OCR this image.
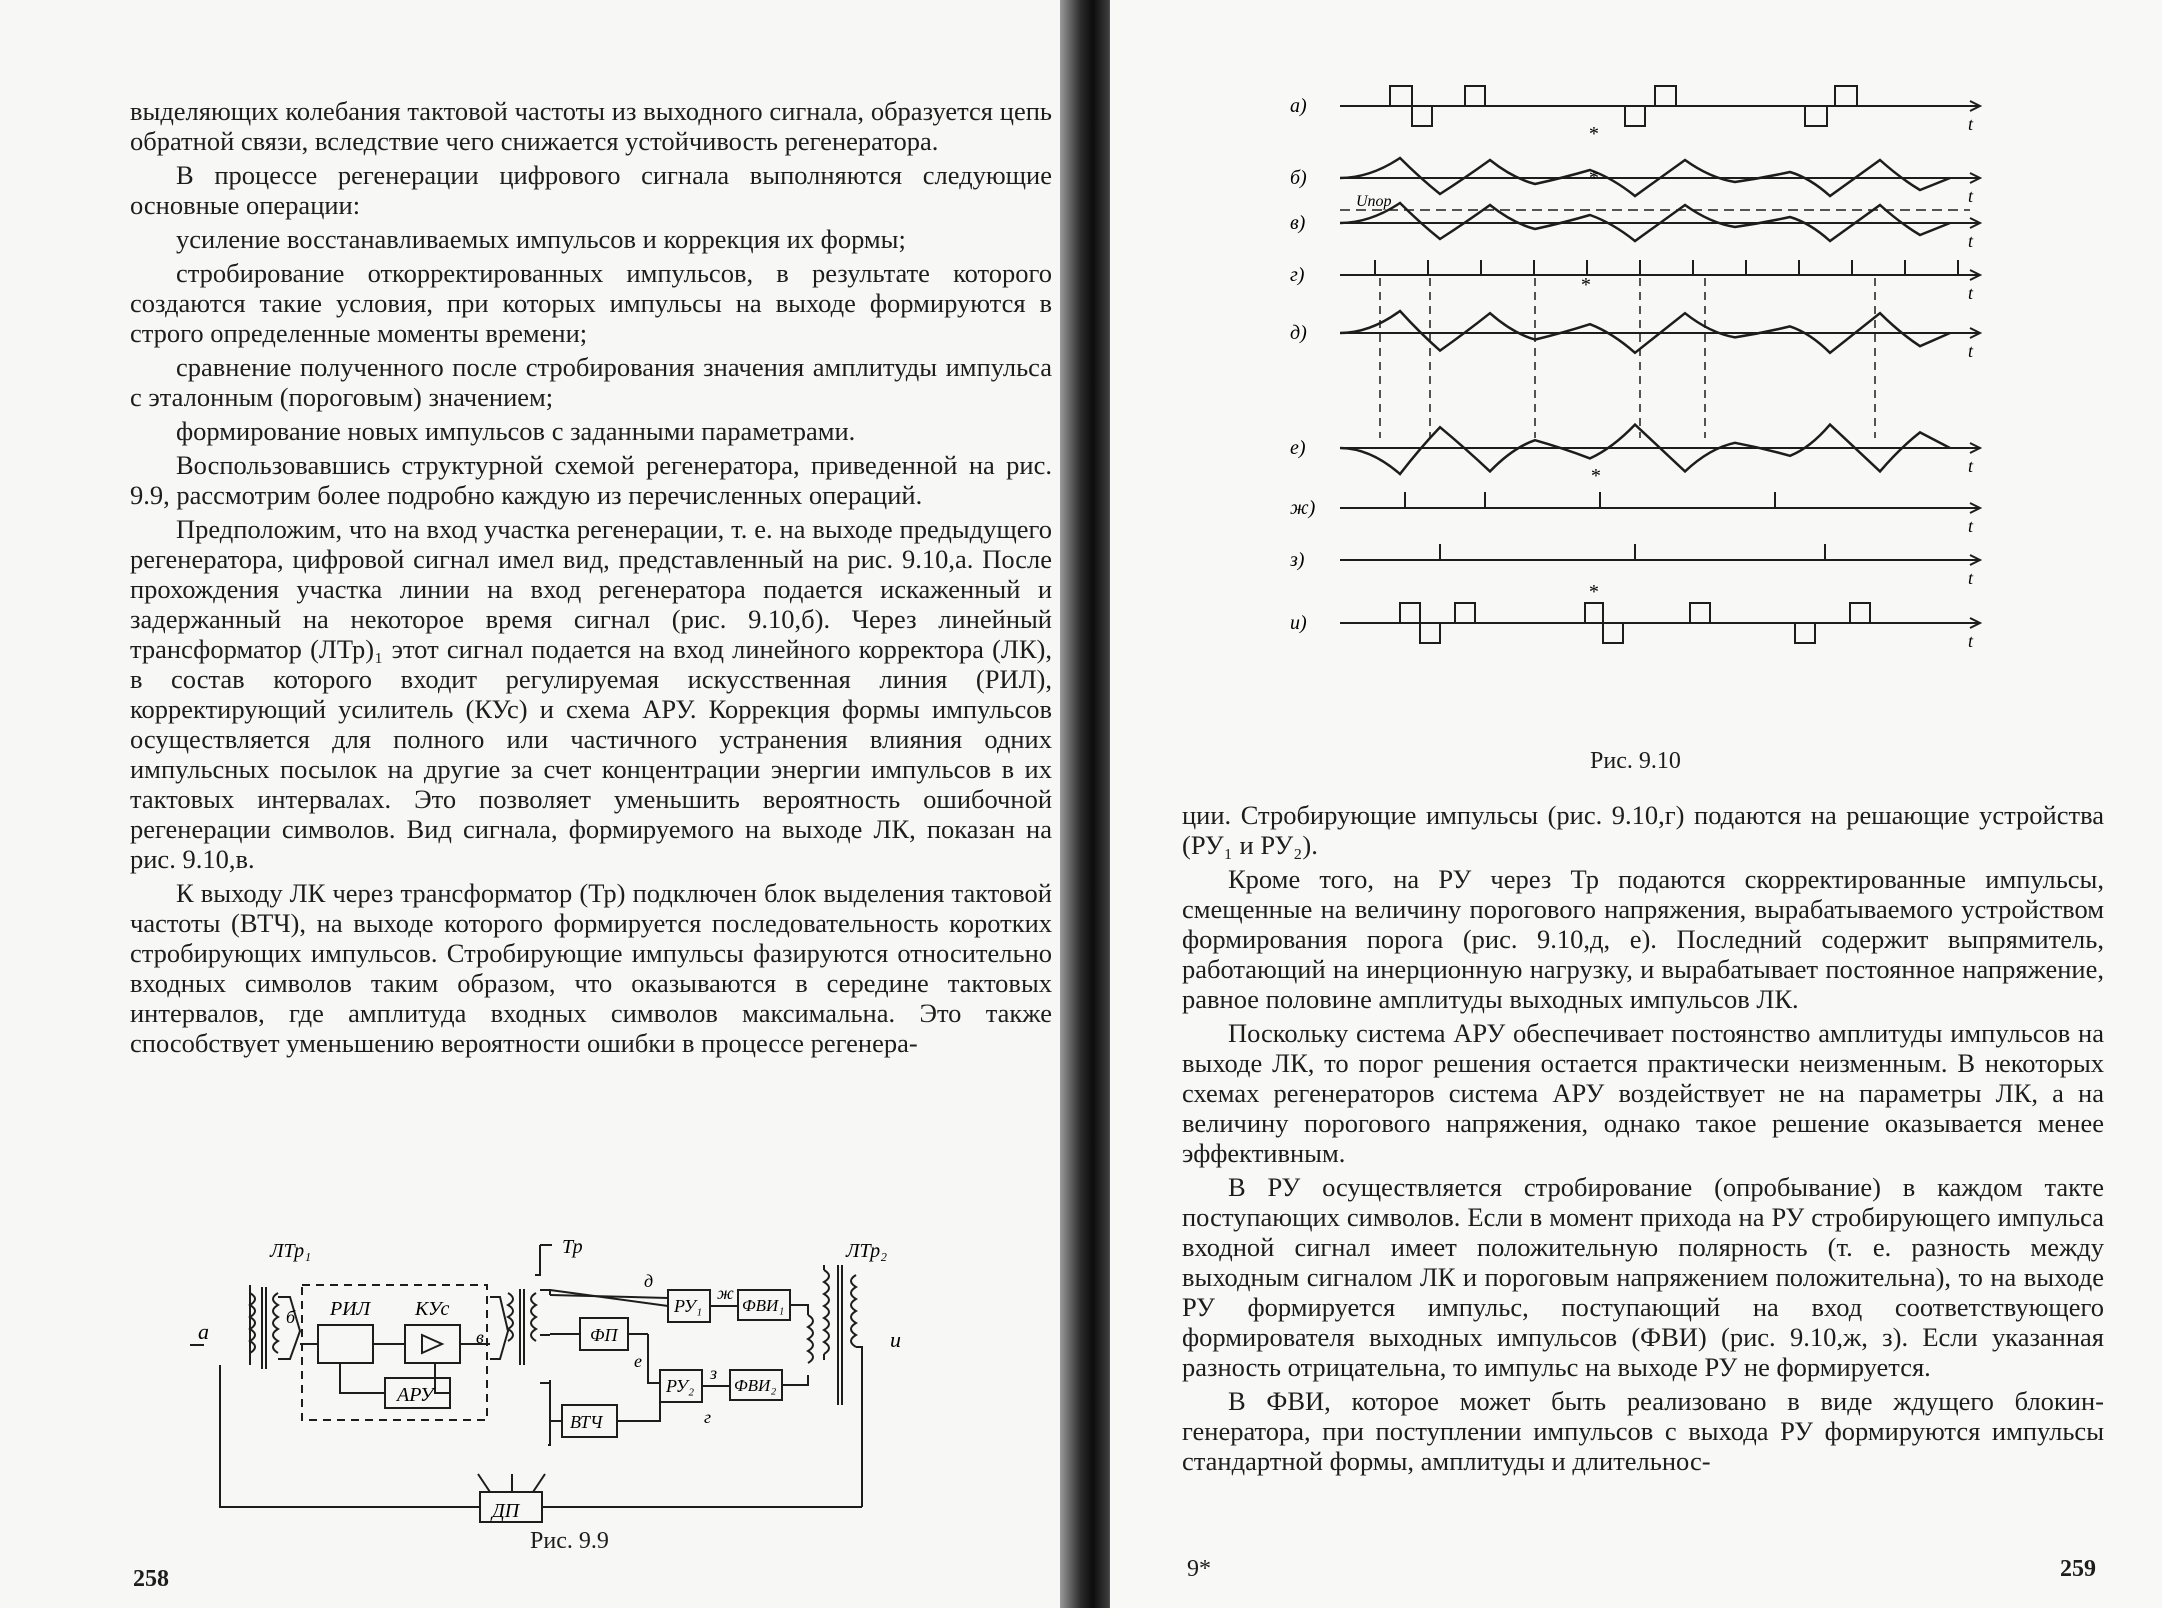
выделяющих колебания тактовой частоты из выходного сигнала, образуется цепь обратной связи, вследствие чего снижается устойчивость регенератора.

В процессе регенерации цифрового сигнала выполняются следующие основные операции:

усиление восстанавливаемых импульсов и коррекция их формы;

стробирование откорректированных импульсов, в результате которого создаются такие условия, при которых импульсы на выходе формируются в строго определенные моменты времени;

сравнение полученного после стробирования значения амплитуды импульса с эталонным (пороговым) значением;

формирование новых импульсов с заданными параметрами.

Воспользовавшись структурной схемой регенератора, приведенной на рис. 9.9, рассмотрим более подробно каждую из перечисленных операций.

Предположим, что на вход участка регенерации, т. е. на выходе предыдущего регенератора, цифровой сигнал имел вид, представленный на рис. 9.10,а. После прохождения участка линии на вход регенератора подается искаженный и задержанный на некоторое время сигнал (рис. 9.10,б). Через линейный трансформатор (ЛТр)₁ этот сигнал подается на вход линейного корректора (ЛК), в состав которого входит регулируемая искусственная линия (РИЛ), корректирующий усилитель (КУс) и схема АРУ. Коррекция формы импульсов осуществляется для полного или частичного устранения влияния одних импульсных посылок на другие за счет концентрации энергии импульсов в их тактовых интервалах. Это позволяет уменьшить вероятность ошибочной регенерации символов. Вид сигнала, формируемого на выходе ЛК, показан на рис. 9.10,в.

К выходу ЛК через трансформатор (Тр) подключен блок выделения тактовой частоты (ВТЧ), на выходе которого формируется последовательность коротких стробирующих импульсов. Стробирующие импульсы фазируются относительно входных символов таким образом, что оказываются в середине тактовых интервалов, где амплитуда входных символов максимальна. Это также способствует уменьшению вероятности ошибки в процессе регенера-

ЛТр₁	Тр	ЛТр₂
РИЛ КУс
АРУ
ФП
ВТЧ
РУ₁
РУ₂
ФВИ₁
ФВИ₂
ДП
а
б
в
д
е
г
ж
з
и
Рис. 9.9
258
а)
t
б)
t
в)
t
г)
t
д)
t
е)
t
ж)
t
з)
t
и)
t
Uпор
*
*
*
*
*
Рис. 9.10

ции. Стробирующие импульсы (рис. 9.10,г) подаются на решающие устройства (РУ₁ и РУ₂).

Кроме того, на РУ через Тр подаются скорректированные импульсы, смещенные на величину порогового напряжения, вырабатываемого устройством формирования порога (рис. 9.10,д, е). Последний содержит выпрямитель, работающий на инерционную нагрузку, и вырабатывает постоянное напряжение, равное половине амплитуды выходных импульсов ЛК.

Поскольку система АРУ обеспечивает постоянство амплитуды импульсов на выходе ЛК, то порог решения остается практически неизменным. В некоторых схемах регенераторов система АРУ воздействует не на параметры ЛК, а на величину порогового напряжения, однако такое решение оказывается менее эффективным.

В РУ осуществляется стробирование (опробывание) в каждом такте поступающих символов. Если в момент прихода на РУ стробирующего импульса входной сигнал имеет положительную полярность (т. е. разность между выходным сигналом ЛК и пороговым напряжением положительна), то на выходе РУ формируется импульс, поступающий на вход соответствующего формирователя выходных импульсов (ФВИ) (рис. 9.10,ж, з). Если указанная разность отрицательна, то импульс на выходе РУ не формируется.

В ФВИ, которое может быть реализовано в виде ждущего блокин-генератора, при поступлении импульсов с выхода РУ формируются импульсы стандартной формы, амплитуды и длительнос-

9*	259
